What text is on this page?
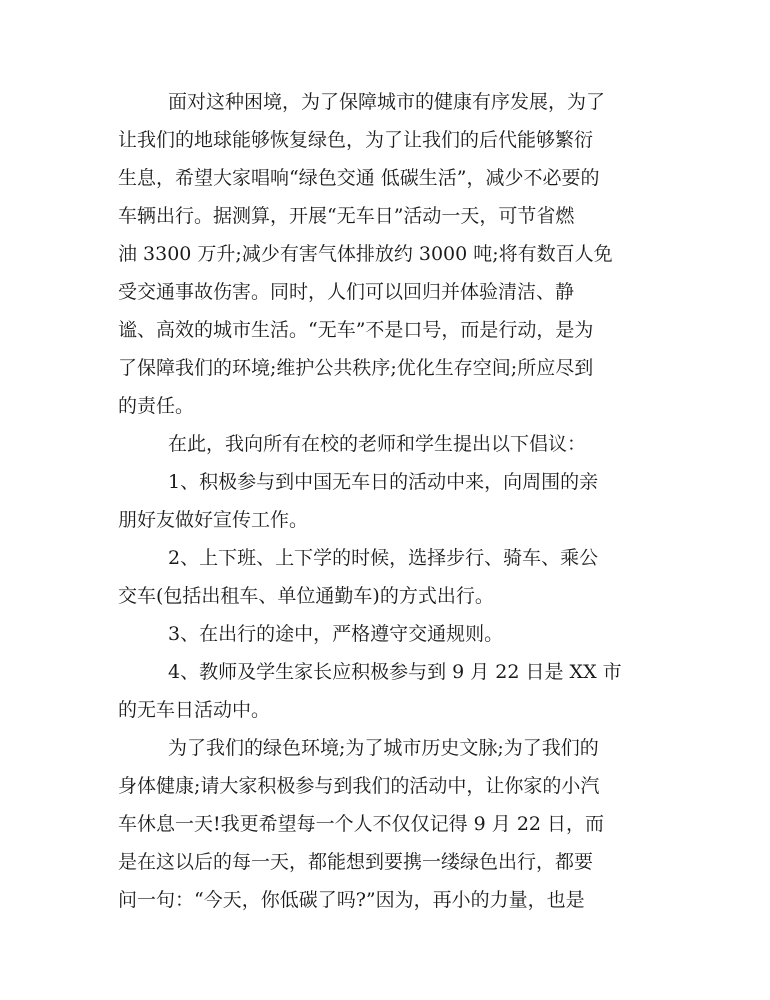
面对这种困境，为了保障城市的健康有序发展，为了
让我们的地球能够恢复绿色，为了让我们的后代能够繁衍
生息，希望大家唱响“绿色交通 低碳生活”，减少不必要的
车辆出行。据测算，开展“无车日”活动一天，可节省燃
油 3300 万升;减少有害气体排放约 3000 吨;将有数百人免
受交通事故伤害。同时，人们可以回归并体验清洁、静
谧、高效的城市生活。“无车”不是口号，而是行动，是为
了保障我们的环境;维护公共秩序;优化生存空间;所应尽到
的责任。
在此，我向所有在校的老师和学生提出以下倡议：
1、积极参与到中国无车日的活动中来，向周围的亲
朋好友做好宣传工作。
2、上下班、上下学的时候，选择步行、骑车、乘公
交车(包括出租车、单位通勤车)的方式出行。
3、在出行的途中，严格遵守交通规则。
4、教师及学生家长应积极参与到 9 月 22 日是 XX 市
的无车日活动中。
为了我们的绿色环境;为了城市历史文脉;为了我们的
身体健康;请大家积极参与到我们的活动中，让你家的小汽
车休息一天!我更希望每一个人不仅仅记得 9 月 22 日，而
是在这以后的每一天，都能想到要携一缕绿色出行，都要
问一句：“今天，你低碳了吗?”因为，再小的力量，也是
